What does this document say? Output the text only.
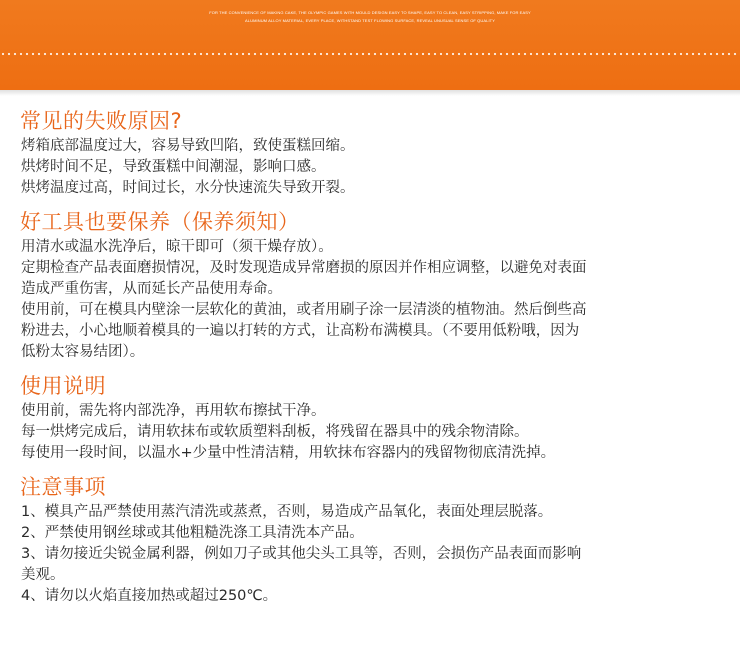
FOR THE CONVENIENCE OF MAKING CAKE, THE OLYMPIC GAMES WITH MOULD DESIGN EASY TO SHAPE, EASY TO CLEAN, EASY STRIPPING, MAKE FOR EASY
ALUMINUM ALLOY MATERIAL, EVERY PLACE, WITHSTAND TEST FLOWING SURFACE, REVEAL UNUSUAL SENSE OF QUALITY
常见的失败原因?

烤箱底部温度过大，容易导致凹陷，致使蛋糕回缩。

烘烤时间不足，导致蛋糕中间潮湿，影响口感。

烘烤温度过高，时间过长，水分快速流失导致开裂。

好工具也要保养（保养须知）

用清水或温水洗净后，晾干即可（须干燥存放）。

定期检查产品表面磨损情况，及时发现造成异常磨损的原因并作相应调整，以避免对表面

造成严重伤害，从而延长产品使用寿命。

使用前，可在模具内壁涂一层软化的黄油，或者用刷子涂一层清淡的植物油。然后倒些高

粉进去，小心地顺着模具的一遍以打转的方式，让高粉布满模具。（不要用低粉哦，因为

低粉太容易结团）。

使用说明

使用前，需先将内部洗净，再用软布擦拭干净。

每一烘烤完成后，请用软抹布或软质塑料刮板，将残留在器具中的残余物清除。

每使用一段时间，以温水+少量中性清洁精，用软抹布容器内的残留物彻底清洗掉。

注意事项

1、模具产品严禁使用蒸汽清洗或蒸煮，否则，易造成产品氧化，表面处理层脱落。

2、严禁使用钢丝球或其他粗糙洗涤工具清洗本产品。

3、请勿接近尖锐金属利器，例如刀子或其他尖头工具等，否则，会损伤产品表面而影响

美观。

4、请勿以火焰直接加热或超过250℃。
